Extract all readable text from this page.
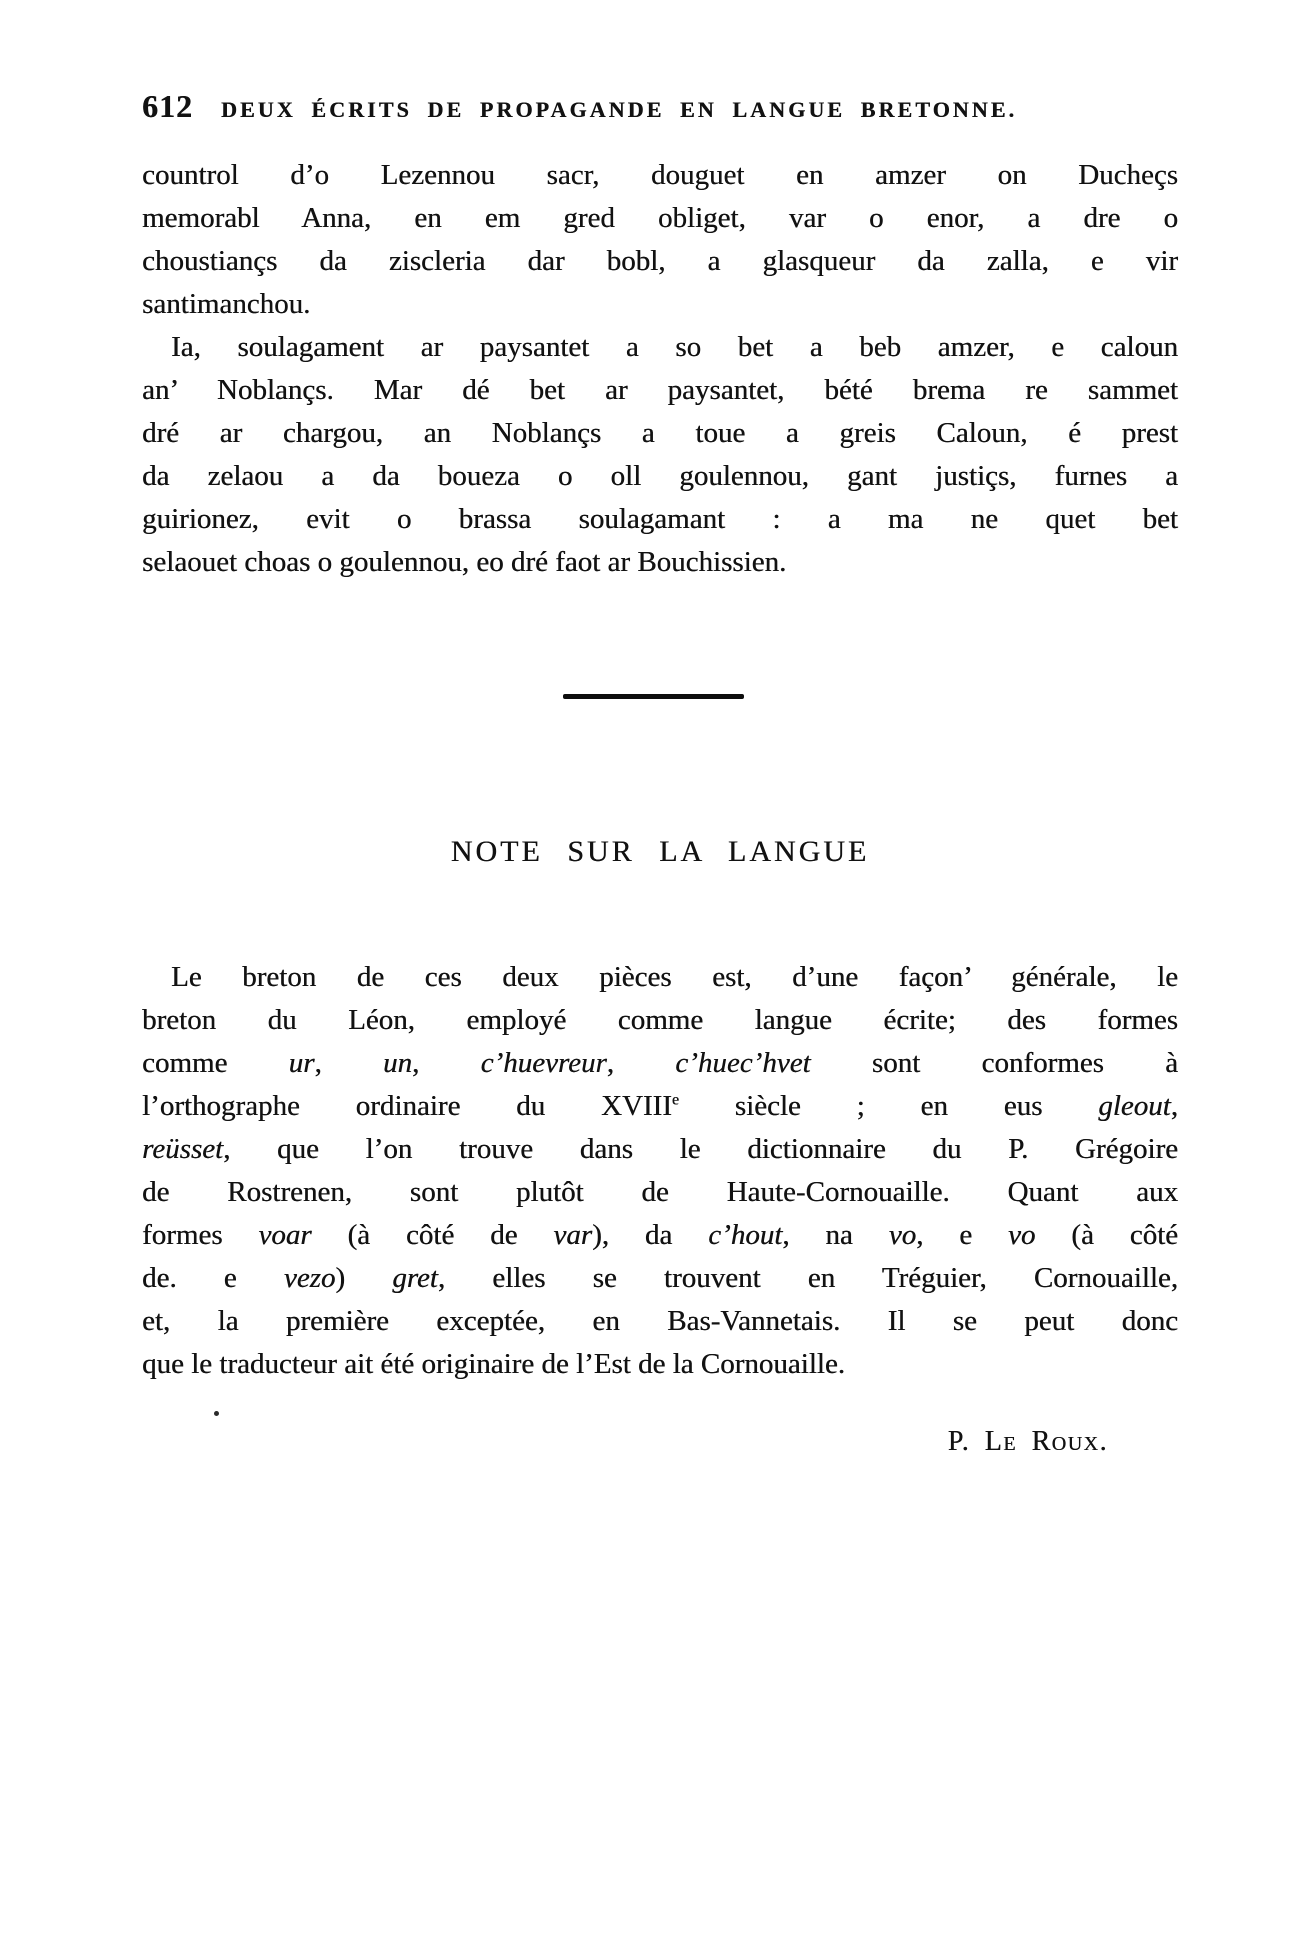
612 DEUX ÉCRITS DE PROPAGANDE EN LANGUE BRETONNE.
countrol d’o Lezennou sacr, douguet en amzer on Ducheçs
memorabl Anna, en em gred obliget, var o enor, a dre o
choustiançs da ziscleria dar bobl, a glasqueur da zalla, e vir
santimanchou.
Ia, soulagament ar paysantet a so bet a beb amzer, e caloun
an’ Noblançs. Mar dé bet ar paysantet, bété brema re sammet
dré ar chargou, an Noblançs a toue a greis Caloun, é prest
da zelaou a da boueza o oll goulennou, gant justiçs, furnes a
guirionez, evit o brassa soulagamant : a ma ne quet bet
selaouet choas o goulennou, eo dré faot ar Bouchissien.
NOTE SUR LA LANGUE
Le breton de ces deux pièces est, d’une façon’ générale, le
breton du Léon, employé comme langue écrite; des formes
comme ur, un, c’huevreur, c’huec’hvet sont conformes à
l’orthographe ordinaire du XVIIIe siècle ; en eus gleout,
reüsset, que l’on trouve dans le dictionnaire du P. Grégoire
de Rostrenen, sont plutôt de Haute-Cornouaille. Quant aux
formes voar (à côté de var), da c’hout, na vo, e vo (à côté
de. e vezo) gret, elles se trouvent en Tréguier, Cornouaille,
et, la première exceptée, en Bas-Vannetais. Il se peut donc
que le traducteur ait été originaire de l’Est de la Cornouaille.
P. Le Roux.
